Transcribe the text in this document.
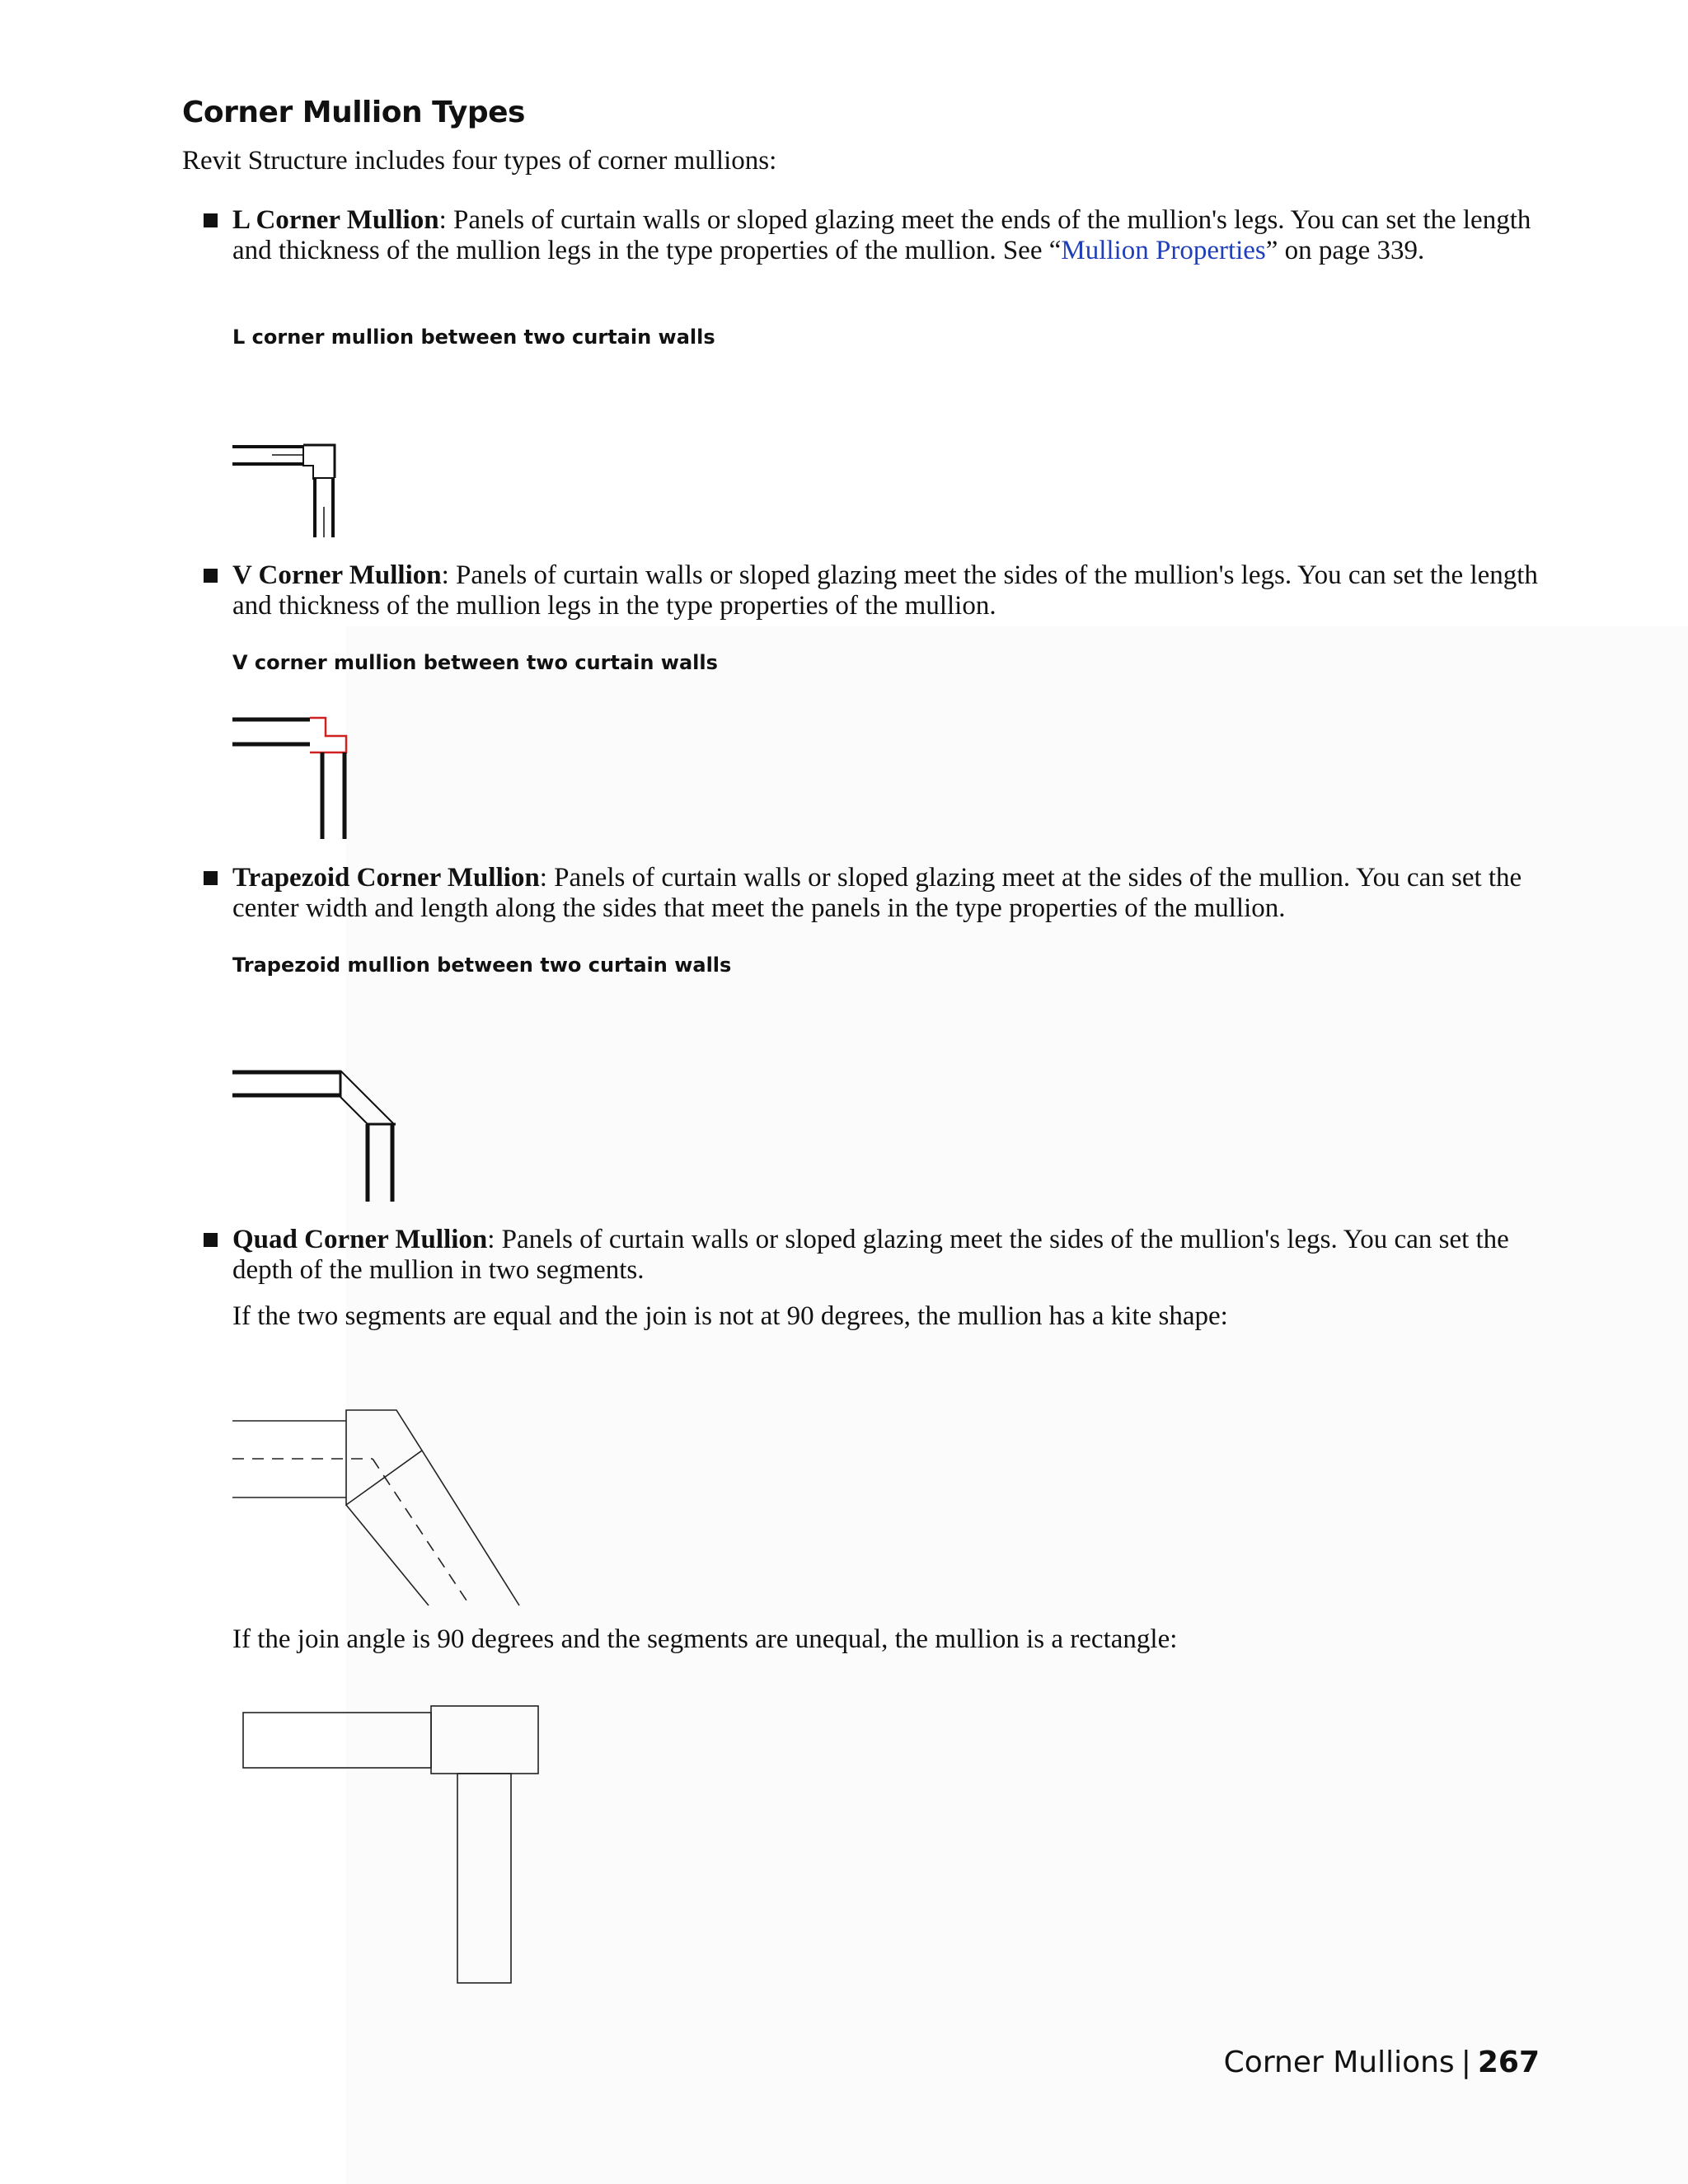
Corner Mullion Types
Revit Structure includes four types of corner mullions:
L Corner Mullion: Panels of curtain walls or sloped glazing meet the ends of the mullion's legs. You can set the length and thickness of the mullion legs in the type properties of the mullion. See “Mullion Properties” on page 339.
L corner mullion between two curtain walls
V Corner Mullion: Panels of curtain walls or sloped glazing meet the sides of the mullion's legs. You can set the length and thickness of the mullion legs in the type properties of the mullion.
V corner mullion between two curtain walls
Trapezoid Corner Mullion: Panels of curtain walls or sloped glazing meet at the sides of the mullion. You can set the center width and length along the sides that meet the panels in the type properties of the mullion.
Trapezoid mullion between two curtain walls
Quad Corner Mullion: Panels of curtain walls or sloped glazing meet the sides of the mullion's legs. You can set the depth of the mullion in two segments.
If the two segments are equal and the join is not at 90 degrees, the mullion has a kite shape:
If the join angle is 90 degrees and the segments are unequal, the mullion is a rectangle:
Corner Mullions | 267
